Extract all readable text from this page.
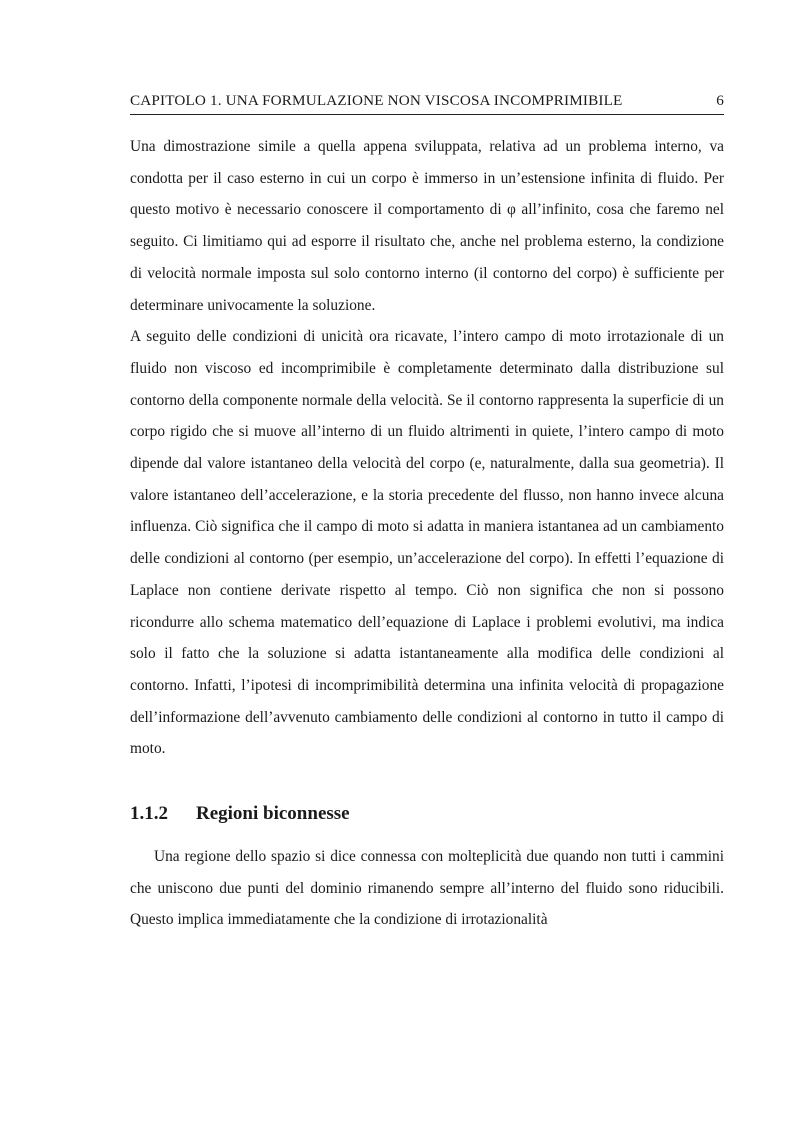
CAPITOLO 1. UNA FORMULAZIONE NON VISCOSA INCOMPRIMIBILE	6

Una dimostrazione simile a quella appena sviluppata, relativa ad un problema interno, va condotta per il caso esterno in cui un corpo è immerso in un’estensione infinita di fluido. Per questo motivo è necessario conoscere il comportamento di φ all’infinito, cosa che faremo nel seguito. Ci limitiamo qui ad esporre il risultato che, anche nel problema esterno, la condizione di velocità normale imposta sul solo contorno interno (il contorno del corpo) è sufficiente per determinare univocamente la soluzione.

A seguito delle condizioni di unicità ora ricavate, l’intero campo di moto irrotazionale di un fluido non viscoso ed incomprimibile è completamente determinato dalla distribuzione sul contorno della componente normale della velocità. Se il contorno rappresenta la superficie di un corpo rigido che si muove all’interno di un fluido altrimenti in quiete, l’intero campo di moto dipende dal valore istantaneo della velocità del corpo (e, naturalmente, dalla sua geometria). Il valore istantaneo dell’accelerazione, e la storia precedente del flusso, non hanno invece alcuna influenza. Ciò significa che il campo di moto si adatta in maniera istantanea ad un cambiamento delle condizioni al contorno (per esempio, un’accelerazione del corpo). In effetti l’equazione di Laplace non contiene derivate rispetto al tempo. Ciò non significa che non si possono ricondurre allo schema matematico dell’equazione di Laplace i problemi evolutivi, ma indica solo il fatto che la soluzione si adatta istantaneamente alla modifica delle condizioni al contorno. Infatti, l’ipotesi di incomprimibilità determina una infinita velocità di propagazione dell’informazione dell’avvenuto cambiamento delle condizioni al contorno in tutto il campo di moto.

1.1.2 Regioni biconnesse

Una regione dello spazio si dice connessa con molteplicità due quando non tutti i cammini che uniscono due punti del dominio rimanendo sempre all’interno del fluido sono riducibili. Questo implica immediatamente che la condizione di irrotazionalità
